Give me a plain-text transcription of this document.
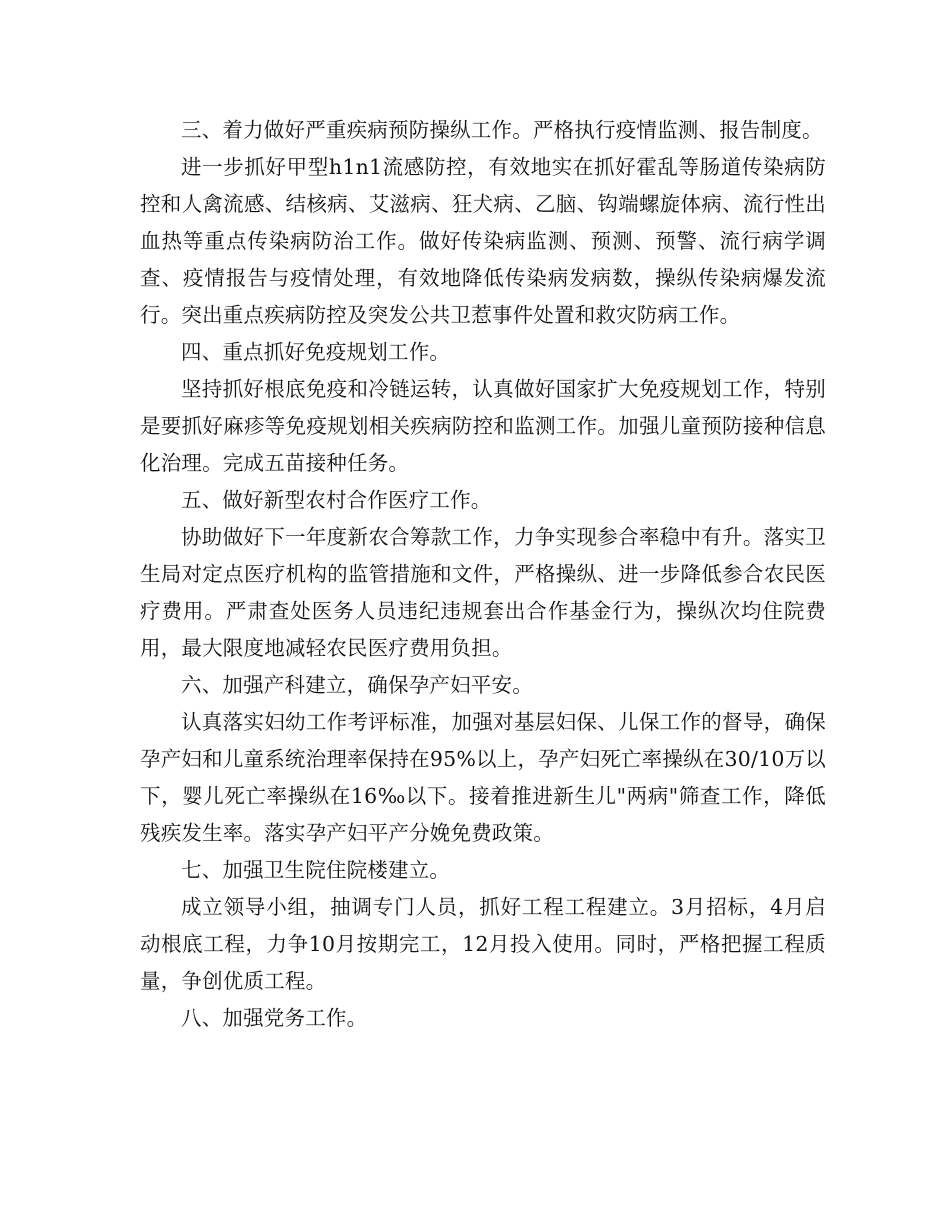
三、着力做好严重疾病预防操纵工作。严格执行疫情监测、报告制度。

进一步抓好甲型h1n1流感防控，有效地实在抓好霍乱等肠道传染病防控和人禽流感、结核病、艾滋病、狂犬病、乙脑、钩端螺旋体病、流行性出血热等重点传染病防治工作。做好传染病监测、预测、预警、流行病学调查、疫情报告与疫情处理，有效地降低传染病发病数，操纵传染病爆发流行。突出重点疾病防控及突发公共卫惹事件处置和救灾防病工作。

四、重点抓好免疫规划工作。

坚持抓好根底免疫和冷链运转，认真做好国家扩大免疫规划工作，特别是要抓好麻疹等免疫规划相关疾病防控和监测工作。加强儿童预防接种信息化治理。完成五苗接种任务。

五、做好新型农村合作医疗工作。

协助做好下一年度新农合筹款工作，力争实现参合率稳中有升。落实卫生局对定点医疗机构的监管措施和文件，严格操纵、进一步降低参合农民医疗费用。严肃查处医务人员违纪违规套出合作基金行为，操纵次均住院费用，最大限度地减轻农民医疗费用负担。

六、加强产科建立，确保孕产妇平安。

认真落实妇幼工作考评标准，加强对基层妇保、儿保工作的督导，确保孕产妇和儿童系统治理率保持在95%以上，孕产妇死亡率操纵在30/10万以下，婴儿死亡率操纵在16‰以下。接着推进新生儿"两病"筛查工作，降低残疾发生率。落实孕产妇平产分娩免费政策。

七、加强卫生院住院楼建立。

成立领导小组，抽调专门人员，抓好工程工程建立。3月招标，4月启动根底工程，力争10月按期完工，12月投入使用。同时，严格把握工程质量，争创优质工程。

八、加强党务工作。
